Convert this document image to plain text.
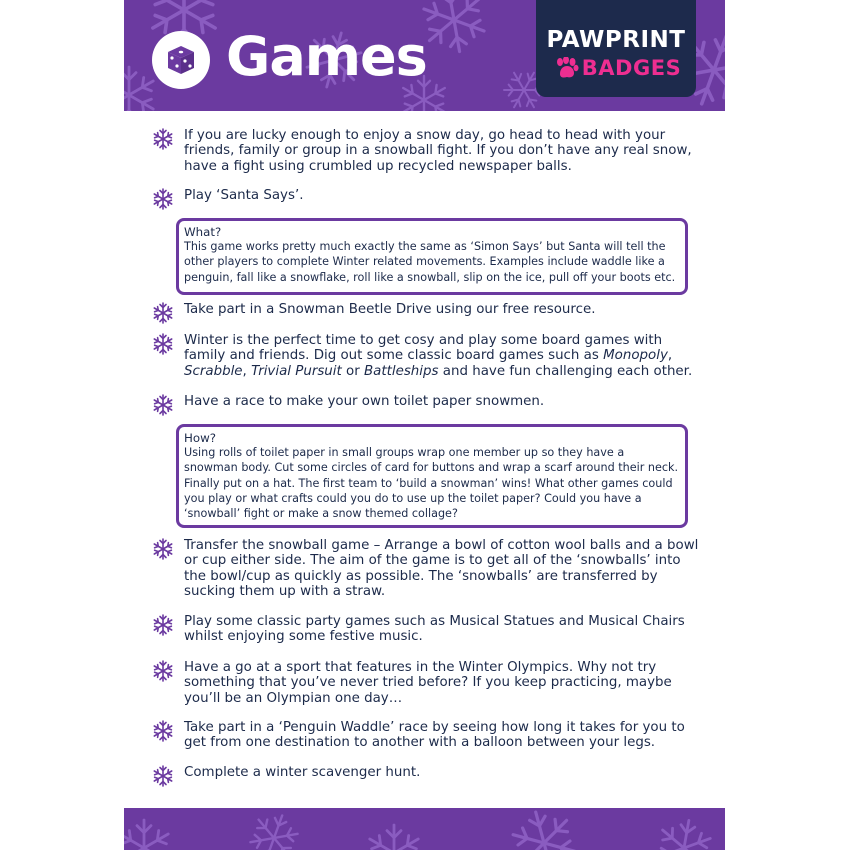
Games	PAWPRINT
BADGES
If you are lucky enough to enjoy a snow day, go head to head with your friends, family or group in a snowball fight. If you don’t have any real snow, have a fight using crumbled up recycled newspaper balls.
Play ‘Santa Says’.
What?
This game works pretty much exactly the same as ‘Simon Says’ but Santa will tell the other players to complete Winter related movements. Examples include waddle like a penguin, fall like a snowflake, roll like a snowball, slip on the ice, pull off your boots etc.
Take part in a Snowman Beetle Drive using our free resource.
Winter is the perfect time to get cosy and play some board games with family and friends. Dig out some classic board games such as Monopoly, Scrabble, Trivial Pursuit or Battleships and have fun challenging each other.
Have a race to make your own toilet paper snowmen.
How?
Using rolls of toilet paper in small groups wrap one member up so they have a snowman body. Cut some circles of card for buttons and wrap a scarf around their neck. Finally put on a hat. The first team to ‘build a snowman’ wins! What other games could you play or what crafts could you do to use up the toilet paper? Could you have a ‘snowball’ fight or make a snow themed collage?
Transfer the snowball game – Arrange a bowl of cotton wool balls and a bowl or cup either side. The aim of the game is to get all of the ‘snowballs’ into the bowl/cup as quickly as possible. The ‘snowballs’ are transferred by sucking them up with a straw.
Play some classic party games such as Musical Statues and Musical Chairs whilst enjoying some festive music.
Have a go at a sport that features in the Winter Olympics. Why not try something that you’ve never tried before? If you keep practicing, maybe you’ll be an Olympian one day…
Take part in a ‘Penguin Waddle’ race by seeing how long it takes for you to get from one destination to another with a balloon between your legs.
Complete a winter scavenger hunt.
